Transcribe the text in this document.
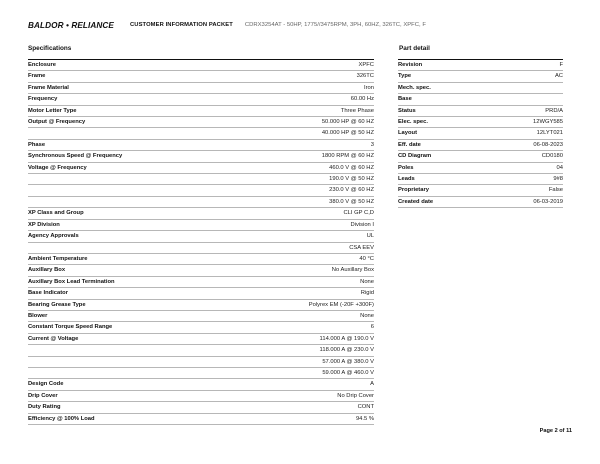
BALDOR • RELIANCE	CUSTOMER INFORMATION PACKET CDRX3254AT - 50HP, 1775//3475RPM, 3PH, 60HZ, 326TC, XPFC, F
Specifications	Part detail
Enclosure	XPFC
Frame	326TC
Frame Material	Iron
Frequency	60.00 Hz
Motor Letter Type	Three Phase
Output @ Frequency	50.000 HP @ 60 HZ
40.000 HP @ 50 HZ
Phase	3
Synchronous Speed @ Frequency	1800 RPM @ 60 HZ
Voltage @ Frequency	460.0 V @ 60 HZ
190.0 V @ 50 HZ
230.0 V @ 60 HZ
380.0 V @ 50 HZ
XP Class and Group	CLI GP C,D
XP Division	Division I
Agency Approvals	UL
CSA EEV
Ambient Temperature	40 °C
Auxillary Box	No Auxillary Box
Auxillary Box Lead Termination	None
Base Indicator	Rigid
Bearing Grease Type	Polyrex EM (-20F +300F)
Blower	None
Constant Torque Speed Range	6
Current @ Voltage	114.000 A @ 190.0 V
118.000 A @ 230.0 V
57.000 A @ 380.0 V
59.000 A @ 460.0 V
Design Code	A
Drip Cover	No Drip Cover
Duty Rating	CONT
Efficiency @ 100% Load	94.5 %
Revision	F
Type	AC
Mech. spec.
Base
Status	PRD/A
Elec. spec.	12WGY585
Layout	12LYT021
Eff. date	06-08-2023
CD Diagram	CD0180
Poles	04
Leads	9#8
Proprietary	False
Created date	06-03-2019
Page 2 of 11
